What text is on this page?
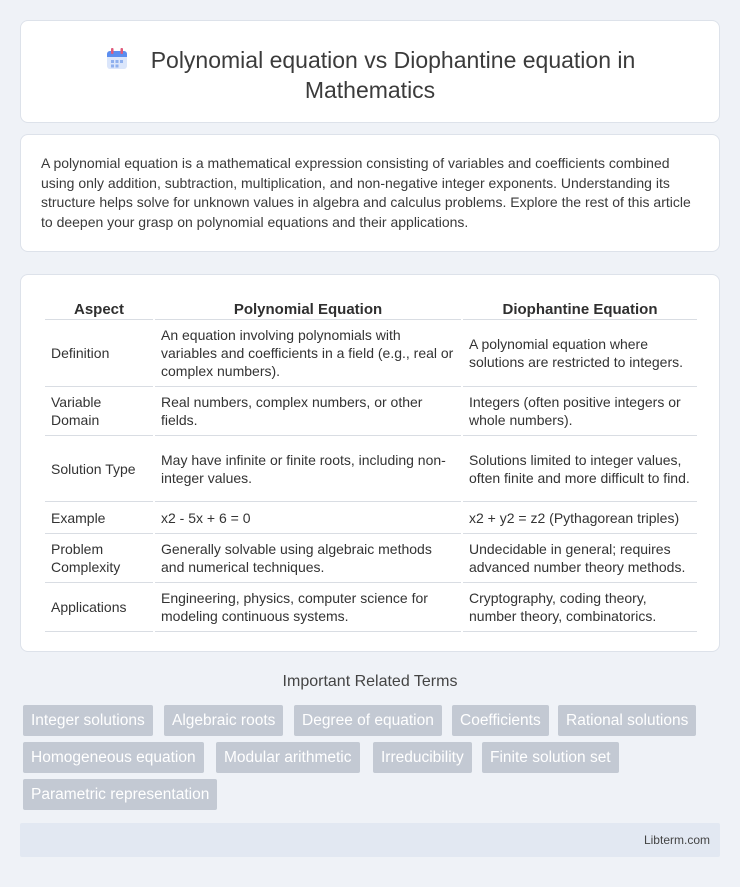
Polynomial equation vs Diophantine equation in
Mathematics

A polynomial equation is a mathematical expression consisting of variables and coefficients combined using only addition, subtraction, multiplication, and non-negative integer exponents. Understanding its structure helps solve for unknown values in algebra and calculus problems. Explore the rest of this article to deepen your grasp on polynomial equations and their applications.

Aspect	Polynomial Equation	Diophantine Equation
Definition	An equation involving polynomials with variables and coefficients in a field (e.g., real or complex numbers).	A polynomial equation where solutions are restricted to integers.
Variable Domain	Real numbers, complex numbers, or other fields.	Integers (often positive integers or whole numbers).
Solution Type	May have infinite or finite roots, including non-integer values.	Solutions limited to integer values, often finite and more difficult to find.
Example	x2 - 5x + 6 = 0	x2 + y2 = z2 (Pythagorean triples)
Problem Complexity	Generally solvable using algebraic methods and numerical techniques.	Undecidable in general; requires advanced number theory methods.
Applications	Engineering, physics, computer science for modeling continuous systems.	Cryptography, coding theory, number theory, combinatorics.
Important Related Terms
Integer solutions	Algebraic roots	Degree of equation	Coefficients	Rational solutions
Homogeneous equation	Modular arithmetic	Irreducibility	Finite solution set
Parametric representation
Libterm.com
